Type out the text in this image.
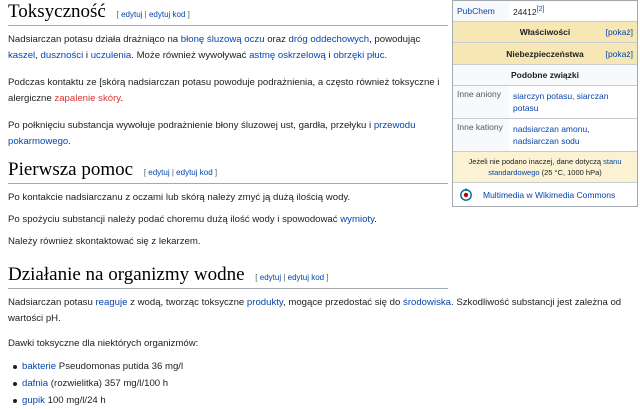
Toksyczność [ edytuj | edytuj kod ]

Nadsiarczan potasu działa drażniąco na błonę śluzową oczu oraz dróg oddechowych, powodując kaszel, duszności i uczulenia. Może również wywoływać astmę oskrzelową i obrzęki płuc.

Podczas kontaktu ze [skórą nadsiarczan potasu powoduje podrażnienia, a często również toksyczne i alergiczne zapalenie skóry.

Po połknięciu substancja wywołuje podrażnienie błony śluzowej ust, gardła, przełyku i przewodu pokarmowego.

Pierwsza pomoc [ edytuj | edytuj kod ]

Po kontakcie nadsiarczanu z oczami lub skórą należy zmyć ją dużą ilością wody.

Po spożyciu substancji należy podać choremu dużą ilość wody i spowodować wymioty.

Należy również skontaktować się z lekarzem.

Działanie na organizmy wodne [ edytuj | edytuj kod ]

Nadsiarczan potasu reaguje z wodą, tworząc toksyczne produkty, mogące przedostać się do środowiska. Szkodliwość substancji jest zależna od wartości pH.

Dawki toksyczne dla niektórych organizmów:

bakterie Pseudomonas putida 36 mg/l
dafnia (rozwielitka) 357 mg/l/100 h
gupik 100 mg/l/24 h
PubChem	24412[2]
Właściwości	[pokaż]
Niebezpieczeństwa	[pokaż]
Podobne związki
Inne aniony	siarczyn potasu, siarczan potasu
Inne kationy	nadsiarczan amonu, nadsiarczan sodu
Jeżeli nie podano inaczej, dane dotyczą stanu standardowego (25 °C, 1000 hPa)
Multimedia w Wikimedia Commons
